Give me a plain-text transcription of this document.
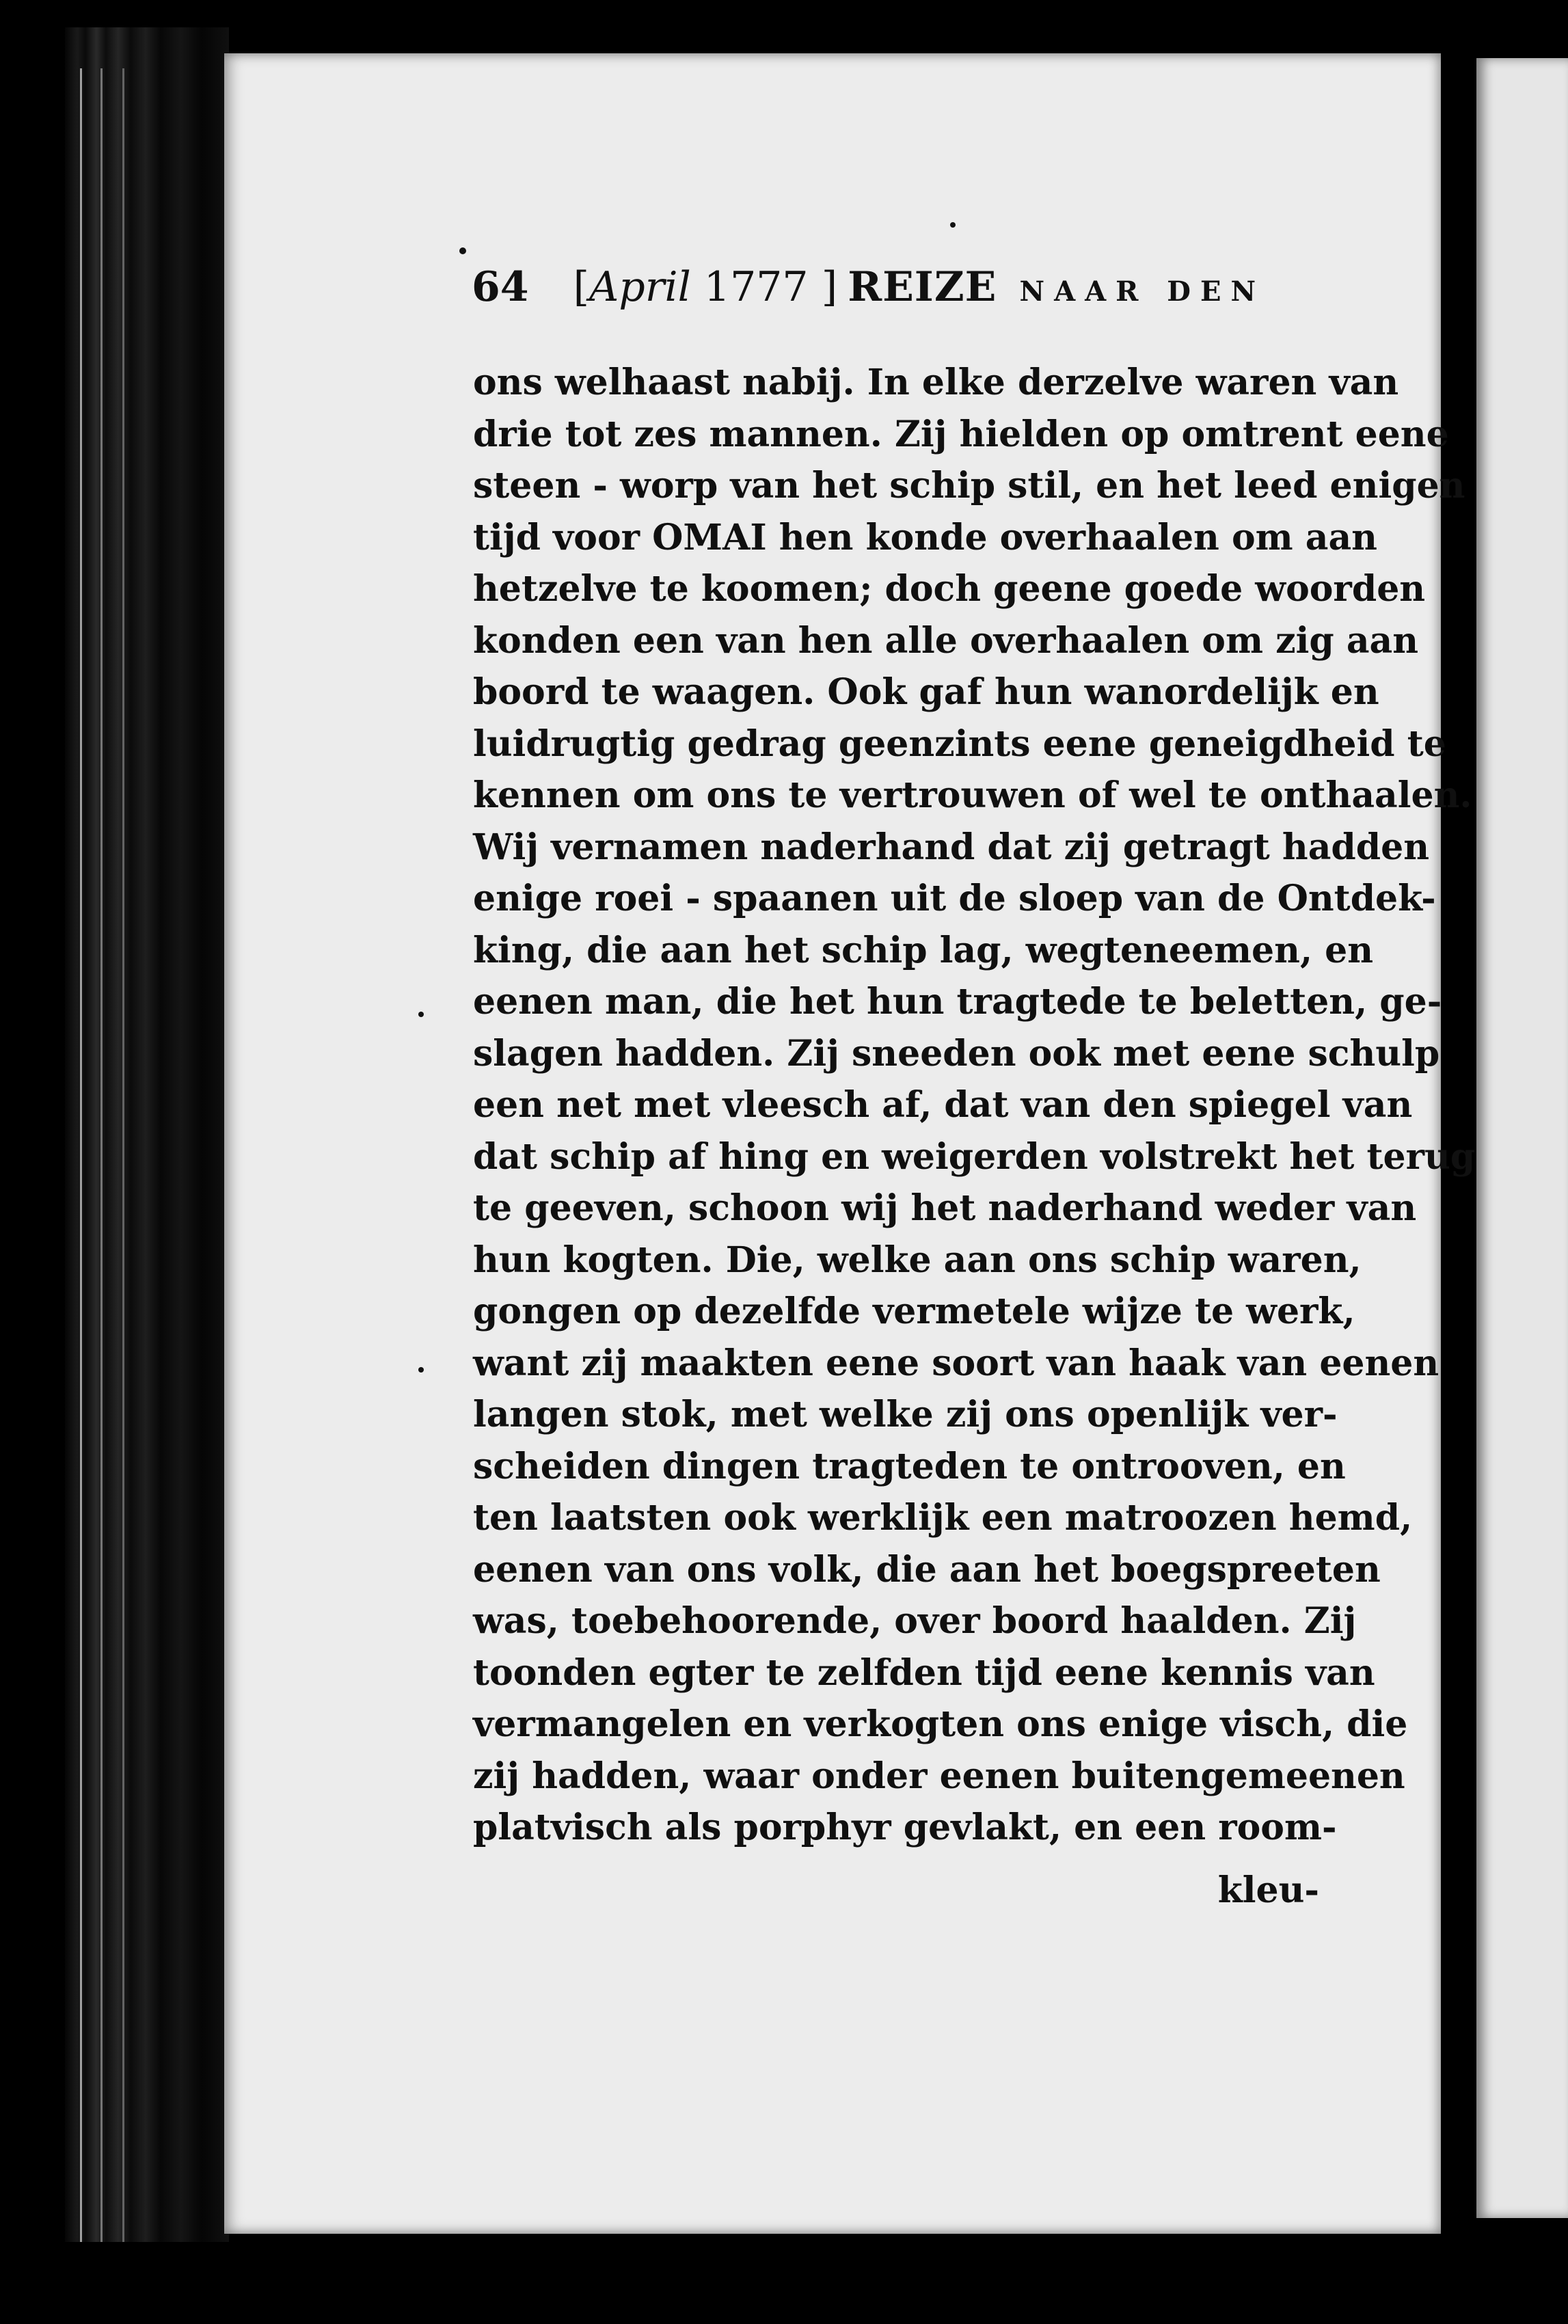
64 [April 1777 ] REIZE NAAR DEN
ons welhaast nabij. In elke derzelve waren van
drie tot zes mannen. Zij hielden op omtrent eene
steen - worp van het schip stil, en het leed enigen
tijd voor OMAI hen konde overhaalen om aan
hetzelve te koomen; doch geene goede woorden
konden een van hen alle overhaalen om zig aan
boord te waagen. Ook gaf hun wanordelijk en
luidrugtig gedrag geenzints eene geneigdheid te
kennen om ons te vertrouwen of wel te onthaalen.
Wij vernamen naderhand dat zij getragt hadden
enige roei - spaanen uit de sloep van de Ontdek-
king, die aan het schip lag, wegteneemen, en
eenen man, die het hun tragtede te beletten, ge-
slagen hadden. Zij sneeden ook met eene schulp
een net met vleesch af, dat van den spiegel van
dat schip af hing en weigerden volstrekt het terug
te geeven, schoon wij het naderhand weder van
hun kogten. Die, welke aan ons schip waren,
gongen op dezelfde vermetele wijze te werk,
want zij maakten eene soort van haak van eenen
langen stok, met welke zij ons openlijk ver-
scheiden dingen tragteden te ontrooven, en
ten laatsten ook werklijk een matroozen hemd,
eenen van ons volk, die aan het boegspreeten
was, toebehoorende, over boord haalden. Zij
toonden egter te zelfden tijd eene kennis van
vermangelen en verkogten ons enige visch, die
zij hadden, waar onder eenen buitengemeenen
platvisch als porphyr gevlakt, en een room-
kleu-
